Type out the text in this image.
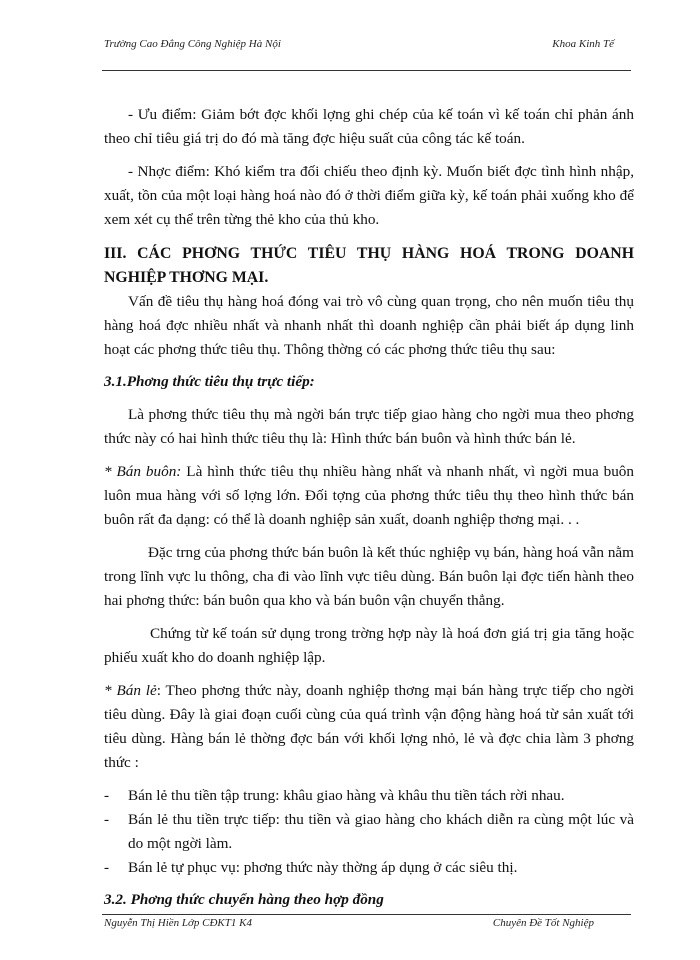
Trường Cao Đẳng Công Nghiệp Hà Nội	Khoa Kinh Tế

- Ưu điểm: Giảm bớt đợc khối lợng ghi chép của kế toán vì kế toán chỉ phản ánh theo chỉ tiêu giá trị do đó mà tăng đợc hiệu suất của công tác kế toán.

- Nhợc điểm: Khó kiểm tra đối chiếu theo định kỳ. Muốn biết đợc tình hình nhập, xuất, tồn của một loại hàng hoá nào đó ở thời điểm giữa kỳ, kế toán phải xuống kho để xem xét cụ thể trên từng thẻ kho của thủ kho.

III. CÁC PHƠNG THỨC TIÊU THỤ HÀNG HOÁ TRONG DOANH NGHIỆP THƠNG MẠI.

Vấn đề tiêu thụ hàng hoá đóng vai trò vô cùng quan trọng, cho nên muốn tiêu thụ hàng hoá đợc nhiều nhất và nhanh nhất thì doanh nghiệp cần phải biết áp dụng linh hoạt các phơng thức tiêu thụ. Thông thờng có các phơng thức tiêu thụ sau:

3.1.Phơng thức tiêu thụ trực tiếp:

Là phơng thức tiêu thụ mà ngời bán trực tiếp giao hàng cho ngời mua theo phơng thức này có hai hình thức tiêu thụ là: Hình thức bán buôn và hình thức bán lẻ.

* Bán buôn: Là hình thức tiêu thụ nhiều hàng nhất và nhanh nhất, vì ngời mua buôn luôn mua hàng với số lợng lớn. Đối tợng của phơng thức tiêu thụ theo hình thức bán buôn rất đa dạng: có thể là doanh nghiệp sản xuất, doanh nghiệp thơng mại. . .

Đặc trng của phơng thức bán buôn là kết thúc nghiệp vụ bán, hàng hoá vẫn nằm trong lĩnh vực lu thông, cha đi vào lĩnh vực tiêu dùng. Bán buôn lại đợc tiến hành theo hai phơng thức: bán buôn qua kho và bán buôn vận chuyển thẳng.

Chứng từ kế toán sử dụng trong trờng hợp này là hoá đơn giá trị gia tăng hoặc phiếu xuất kho do doanh nghiệp lập.

* Bán lẻ: Theo phơng thức này, doanh nghiệp thơng mại bán hàng trực tiếp cho ngời tiêu dùng. Đây là giai đoạn cuối cùng của quá trình vận động hàng hoá từ sản xuất tới tiêu dùng. Hàng bán lẻ thờng đợc bán với khối lợng nhỏ, lẻ và đợc chia làm 3 phơng thức :

-	Bán lẻ thu tiền tập trung: khâu giao hàng và khâu thu tiền tách rời nhau.
-	Bán lẻ thu tiền trực tiếp: thu tiền và giao hàng cho khách diễn ra cùng một lúc và do một ngời làm.
-	Bán lẻ tự phục vụ: phơng thức này thờng áp dụng ở các siêu thị.

3.2. Phơng thức chuyển hàng theo hợp đồng

Nguyễn Thị Hiền Lớp CĐKT1 K4	Chuyên Đề Tốt Nghiệp
